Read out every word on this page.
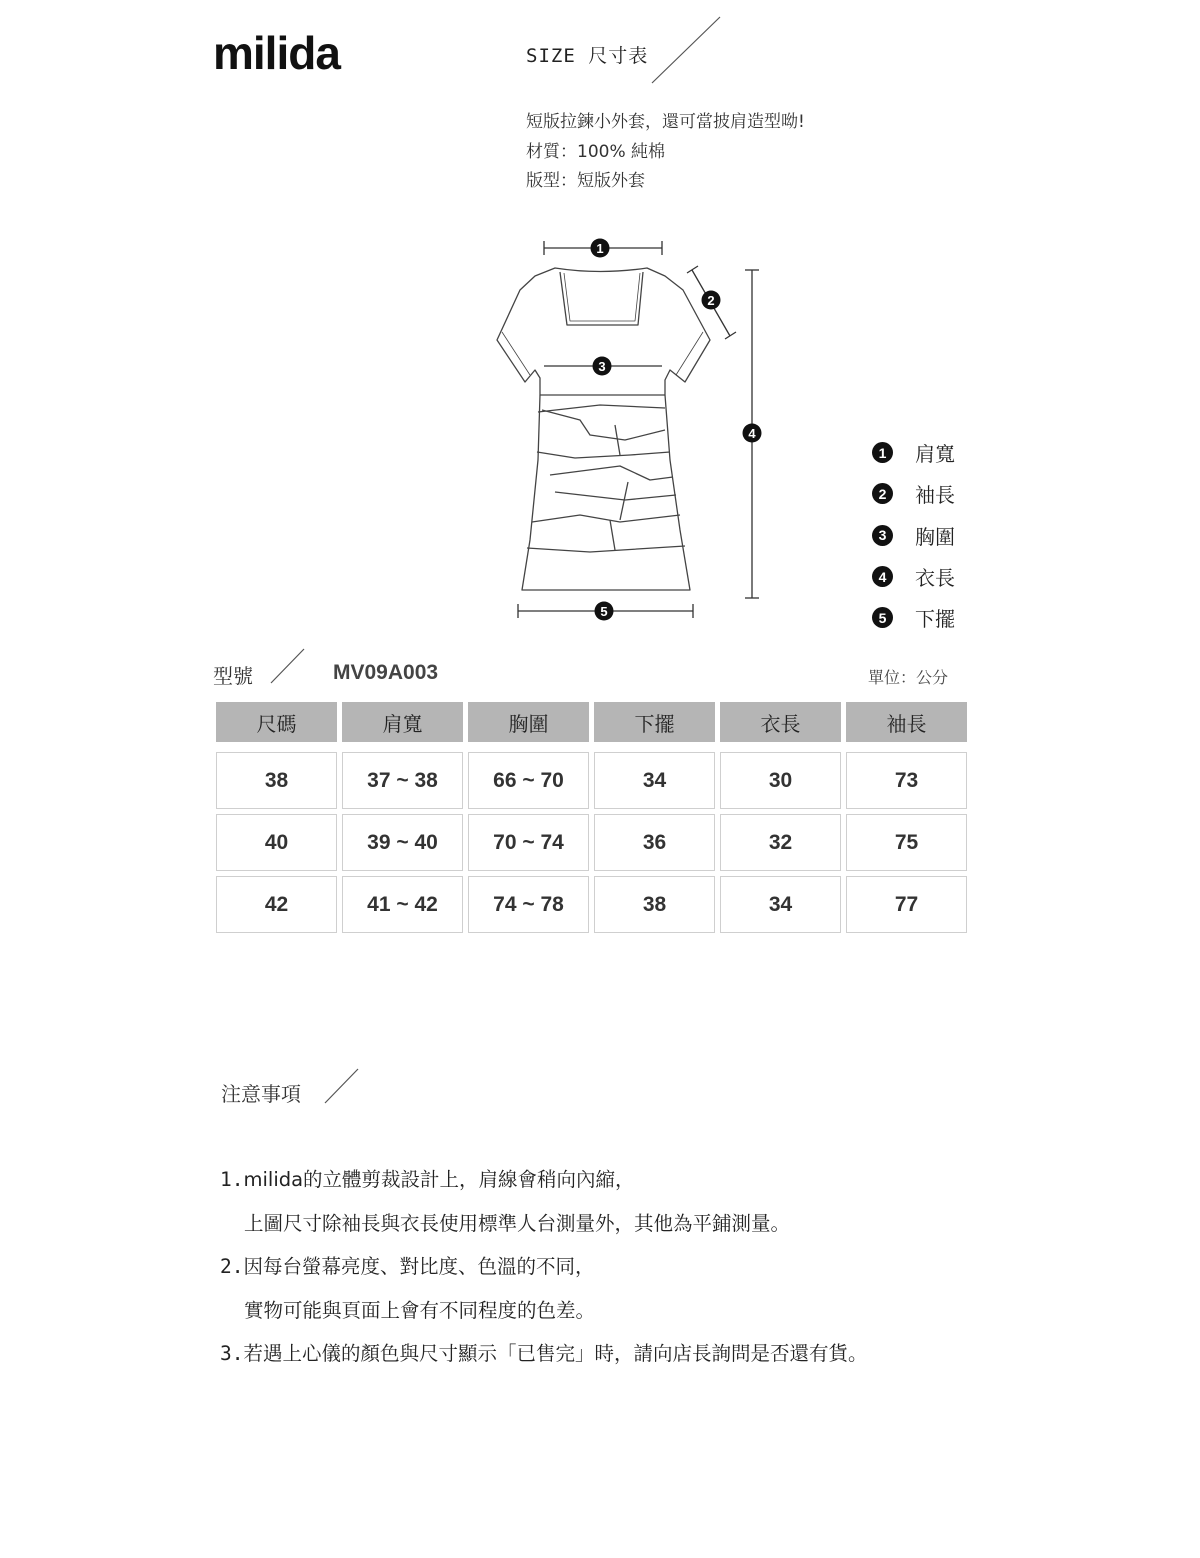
milida	SIZE 尺寸表
短版拉鍊小外套，還可當披肩造型呦!
材質：100% 純棉
版型：短版外套
1
2
3
4
5
1	肩寬
2	袖長
3	胸圍
4	衣長
5	下擺
型號	MV09A003	單位：公分
尺碼	肩寬	胸圍	下擺	衣長	袖長

38	37 ~ 38	66 ~ 70	34	30	73
40	39 ~ 40	70 ~ 74	36	32	75
42	41 ~ 42	74 ~ 78	38	34	77
注意事項
1.milida的立體剪裁設計上，肩線會稍向內縮，
上圖尺寸除袖長與衣長使用標準人台測量外，其他為平鋪測量。
2.因每台螢幕亮度、對比度、色溫的不同，
實物可能與頁面上會有不同程度的色差。
3.若遇上心儀的顏色與尺寸顯示「已售完」時，請向店長詢問是否還有貨。
